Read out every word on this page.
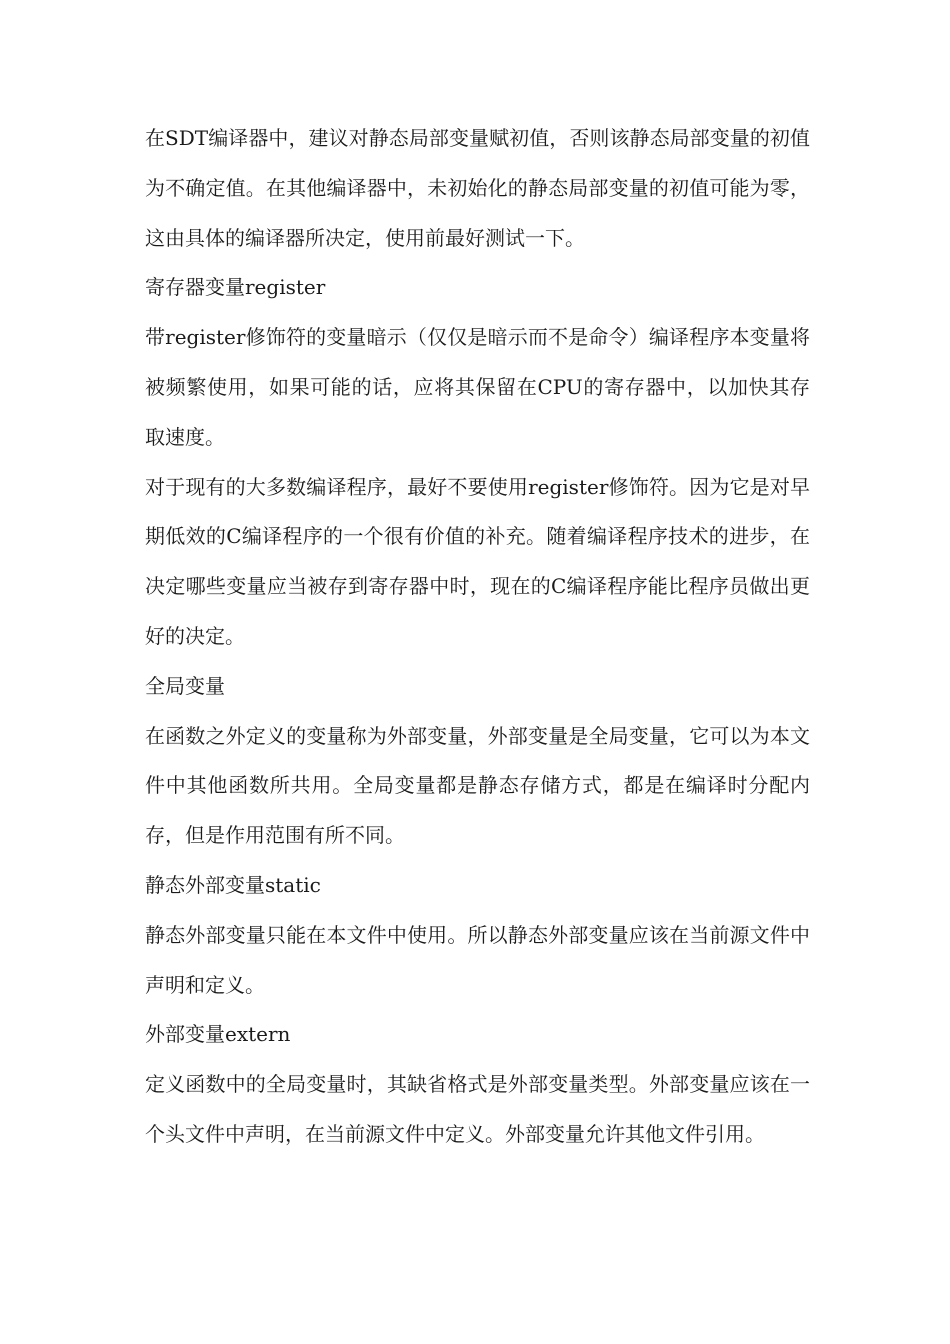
在SDT编译器中，建议对静态局部变量赋初值，否则该静态局部变量的初值为不确定值。在其他编译器中，未初始化的静态局部变量的初值可能为零，这由具体的编译器所决定，使用前最好测试一下。

寄存器变量register

带register修饰符的变量暗示（仅仅是暗示而不是命令）编译程序本变量将被频繁使用，如果可能的话，应将其保留在CPU的寄存器中，以加快其存取速度。

对于现有的大多数编译程序，最好不要使用register修饰符。因为它是对早期低效的C编译程序的一个很有价值的补充。随着编译程序技术的进步，在决定哪些变量应当被存到寄存器中时，现在的C编译程序能比程序员做出更好的决定。

全局变量

在函数之外定义的变量称为外部变量，外部变量是全局变量，它可以为本文件中其他函数所共用。全局变量都是静态存储方式，都是在编译时分配内存，但是作用范围有所不同。

静态外部变量static

静态外部变量只能在本文件中使用。所以静态外部变量应该在当前源文件中声明和定义。

外部变量extern

定义函数中的全局变量时，其缺省格式是外部变量类型。外部变量应该在一个头文件中声明，在当前源文件中定义。外部变量允许其他文件引用。
